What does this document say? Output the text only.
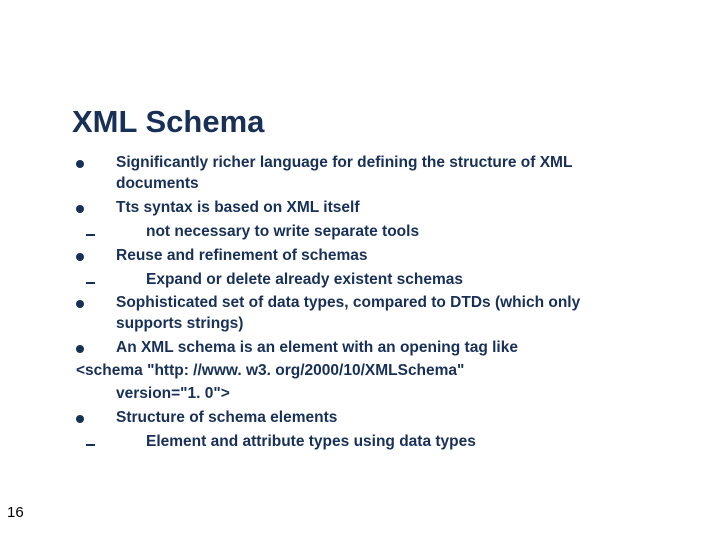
XML Schema
Significantly richer language for defining the structure of XML
documents
Tts syntax is based on XML itself
not necessary to write separate tools
Reuse and refinement of schemas
Expand or delete already existent schemas
Sophisticated set of data types, compared to DTDs (which only
supports strings)
An XML schema is an element with an opening tag like
<schema "http: //www. w3. org/2000/10/XMLSchema"
version="1. 0">
Structure of schema elements
Element and attribute types using data types
16
